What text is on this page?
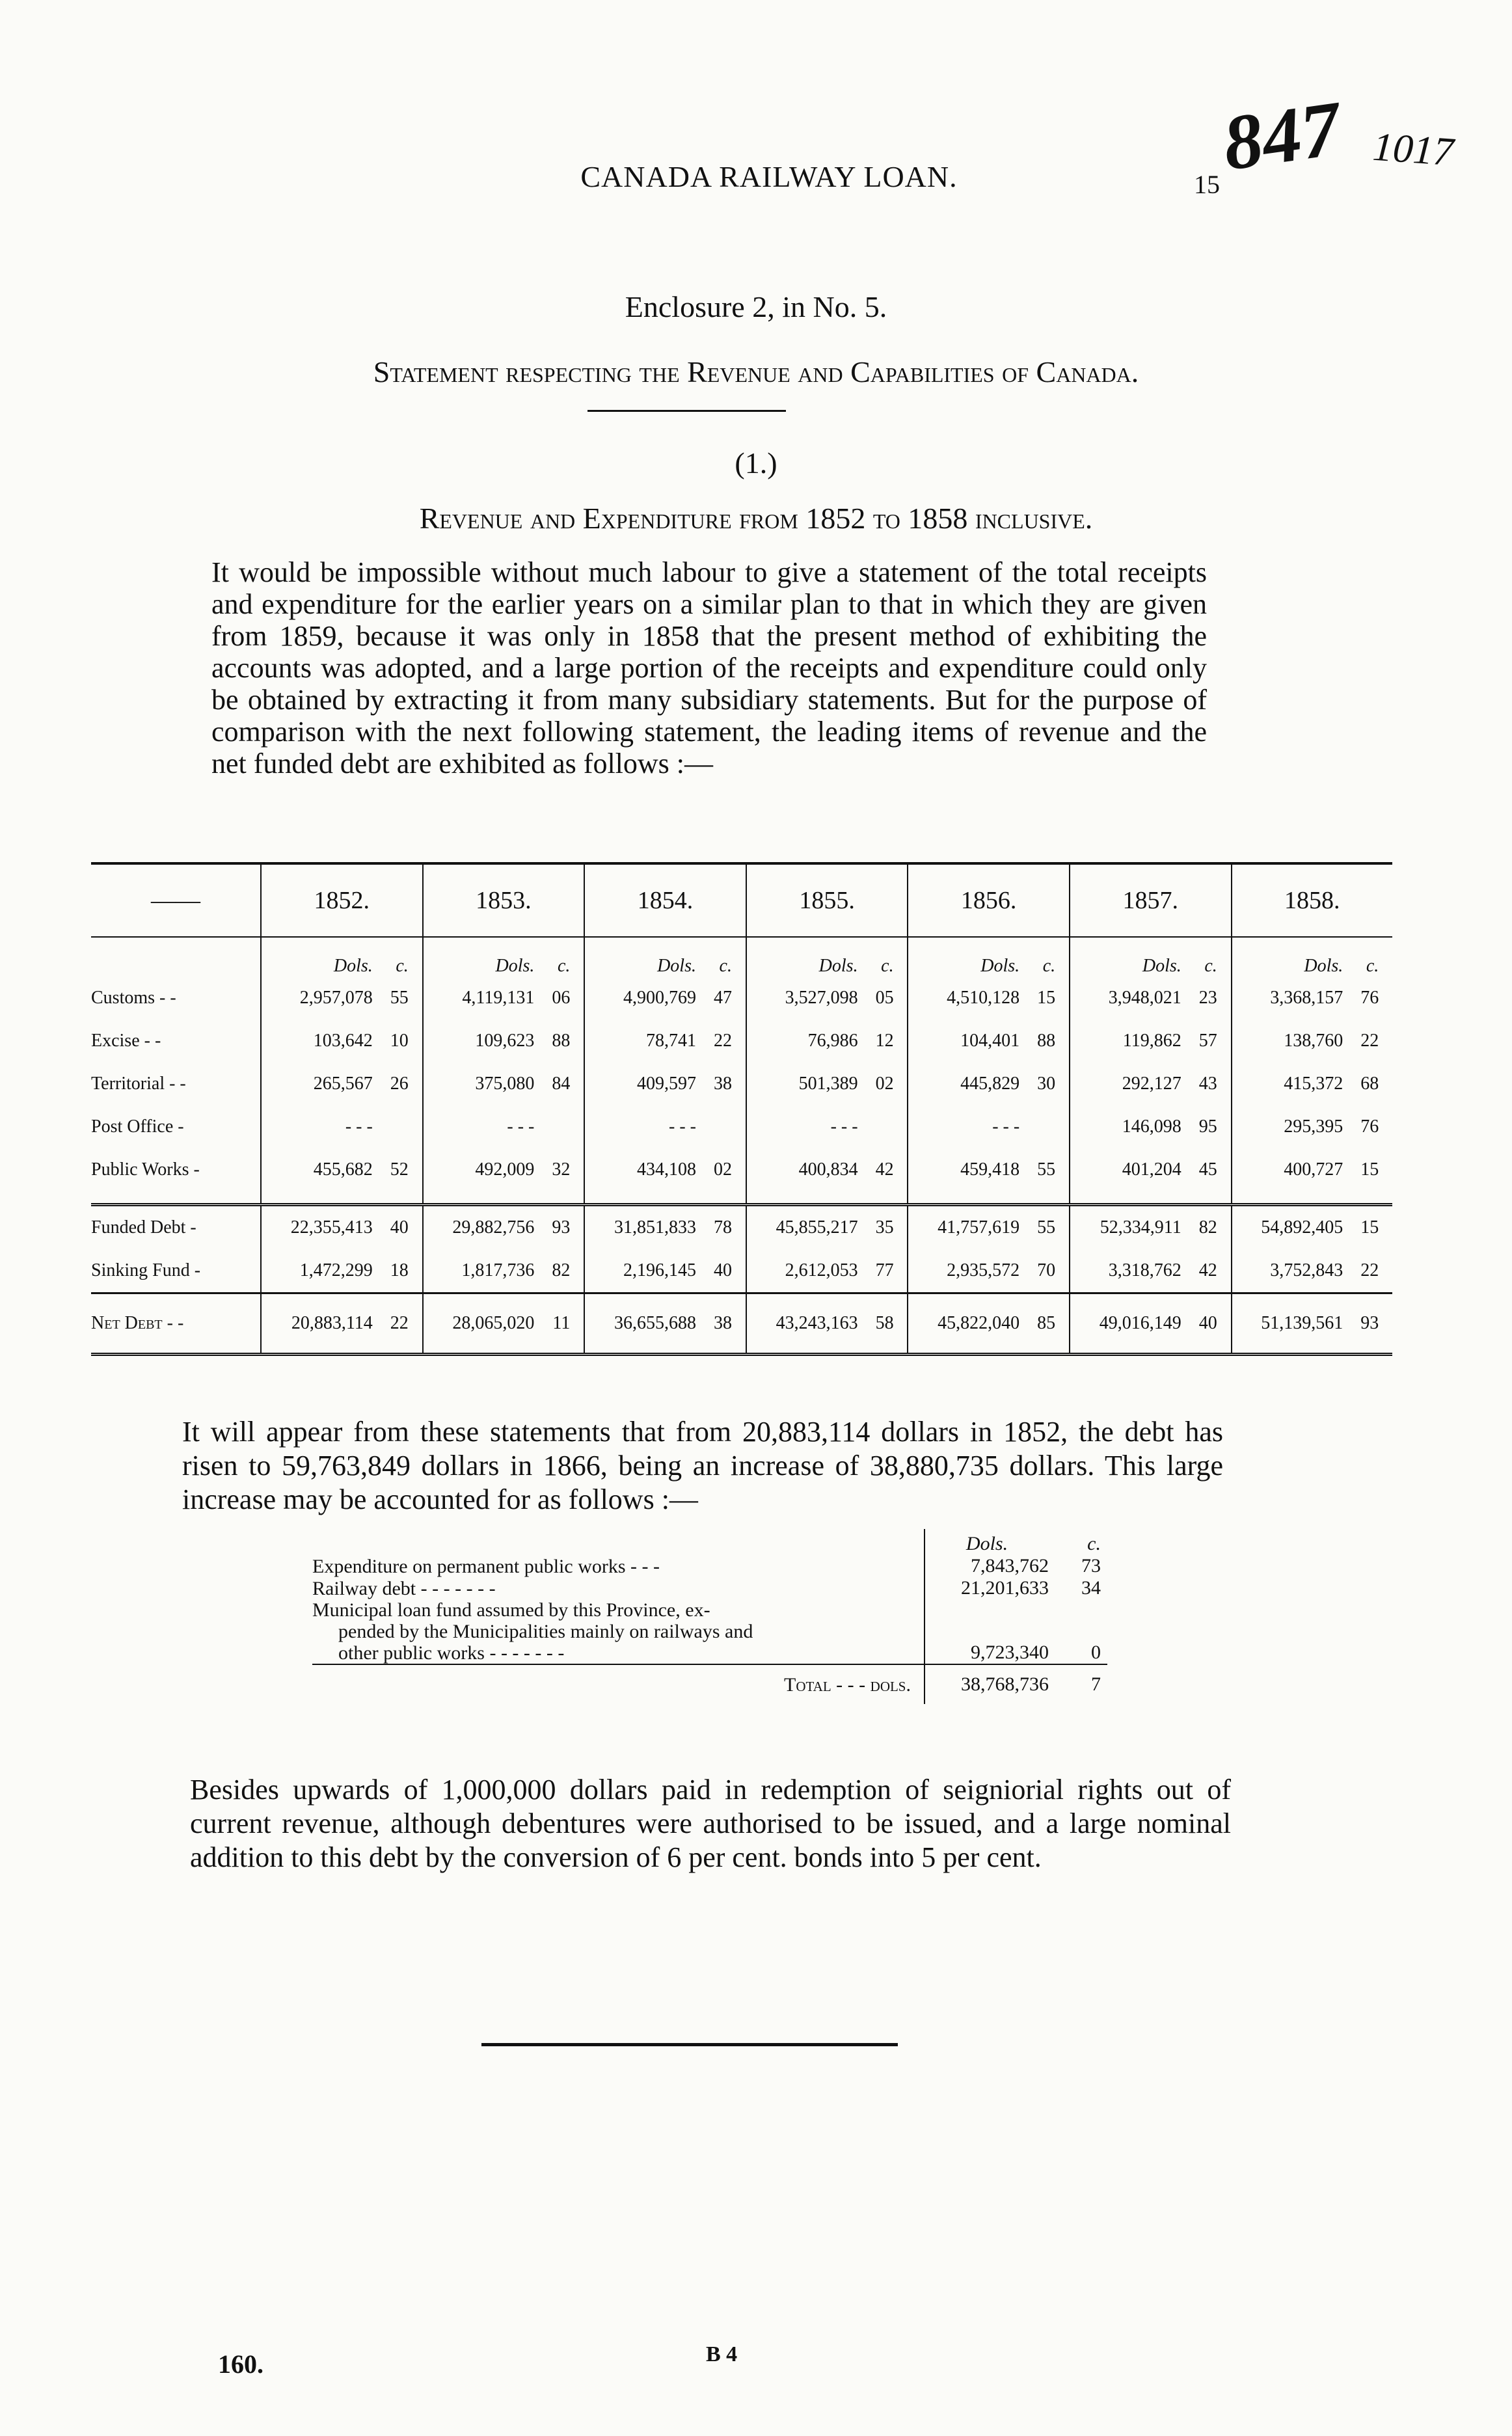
CANADA RAILWAY LOAN.	15
847 1017
Enclosure 2, in No. 5.
Statement respecting the Revenue and Capabilities of Canada.
(1.)
Revenue and Expenditure from 1852 to 1858 inclusive.
It would be impossible without much labour to give a statement of the total receipts and expenditure for the earlier years on a similar plan to that in which they are given from 1859, because it was only in 1858 that the present method of exhibiting the accounts was adopted, and a large portion of the receipts and expenditure could only be obtained by extracting it from many subsidiary statements. But for the purpose of comparison with the next following statement, the leading items of revenue and the net funded debt are exhibited as follows :—
——	1852.	1853.	1854.	1855.	1856.	1857.	1858.
	Dols. c.	Dols. c.	Dols. c.	Dols. c.	Dols. c.	Dols. c.	Dols. c.
Customs - -	2,957,078 55	4,119,131 06	4,900,769 47	3,527,098 05	4,510,128 15	3,948,021 23	3,368,157 76
Excise - -	103,642 10	109,623 88	78,741 22	76,986 12	104,401 88	119,862 57	138,760 22
Territorial - -	265,567 26	375,080 84	409,597 38	501,389 02	445,829 30	292,127 43	415,372 68
Post Office -	- - -	- - -	- - -	- - -	- - -	146,098 95	295,395 76
Public Works -	455,682 52	492,009 32	434,108 02	400,834 42	459,418 55	401,204 45	400,727 15

Funded Debt -	22,355,413 40	29,882,756 93	31,851,833 78	45,855,217 35	41,757,619 55	52,334,911 82	54,892,405 15
Sinking Fund -	1,472,299 18	1,817,736 82	2,196,145 40	2,612,053 77	2,935,572 70	3,318,762 42	3,752,843 22
Net Debt - -	20,883,114 22	28,065,020 11	36,655,688 38	43,243,163 58	45,822,040 85	49,016,149 40	51,139,561 93
It will appear from these statements that from 20,883,114 dollars in 1852, the debt has risen to 59,763,849 dollars in 1866, being an increase of 38,880,735 dollars. This large increase may be accounted for as follows :—
	Dols.	c.
Expenditure on permanent public works - - -	7,843,762	73
Railway debt - - - - - - -	21,201,633	34
Municipal loan fund assumed by this Province, ex-
pended by the Municipalities mainly on railways and
other public works - - - - - - -	9,723,340	0
Total - - - dols.	38,768,736	7
Besides upwards of 1,000,000 dollars paid in redemption of seigniorial rights out of current revenue, although debentures were authorised to be issued, and a large nominal addition to this debt by the conversion of 6 per cent. bonds into 5 per cent.
160.	B 4
